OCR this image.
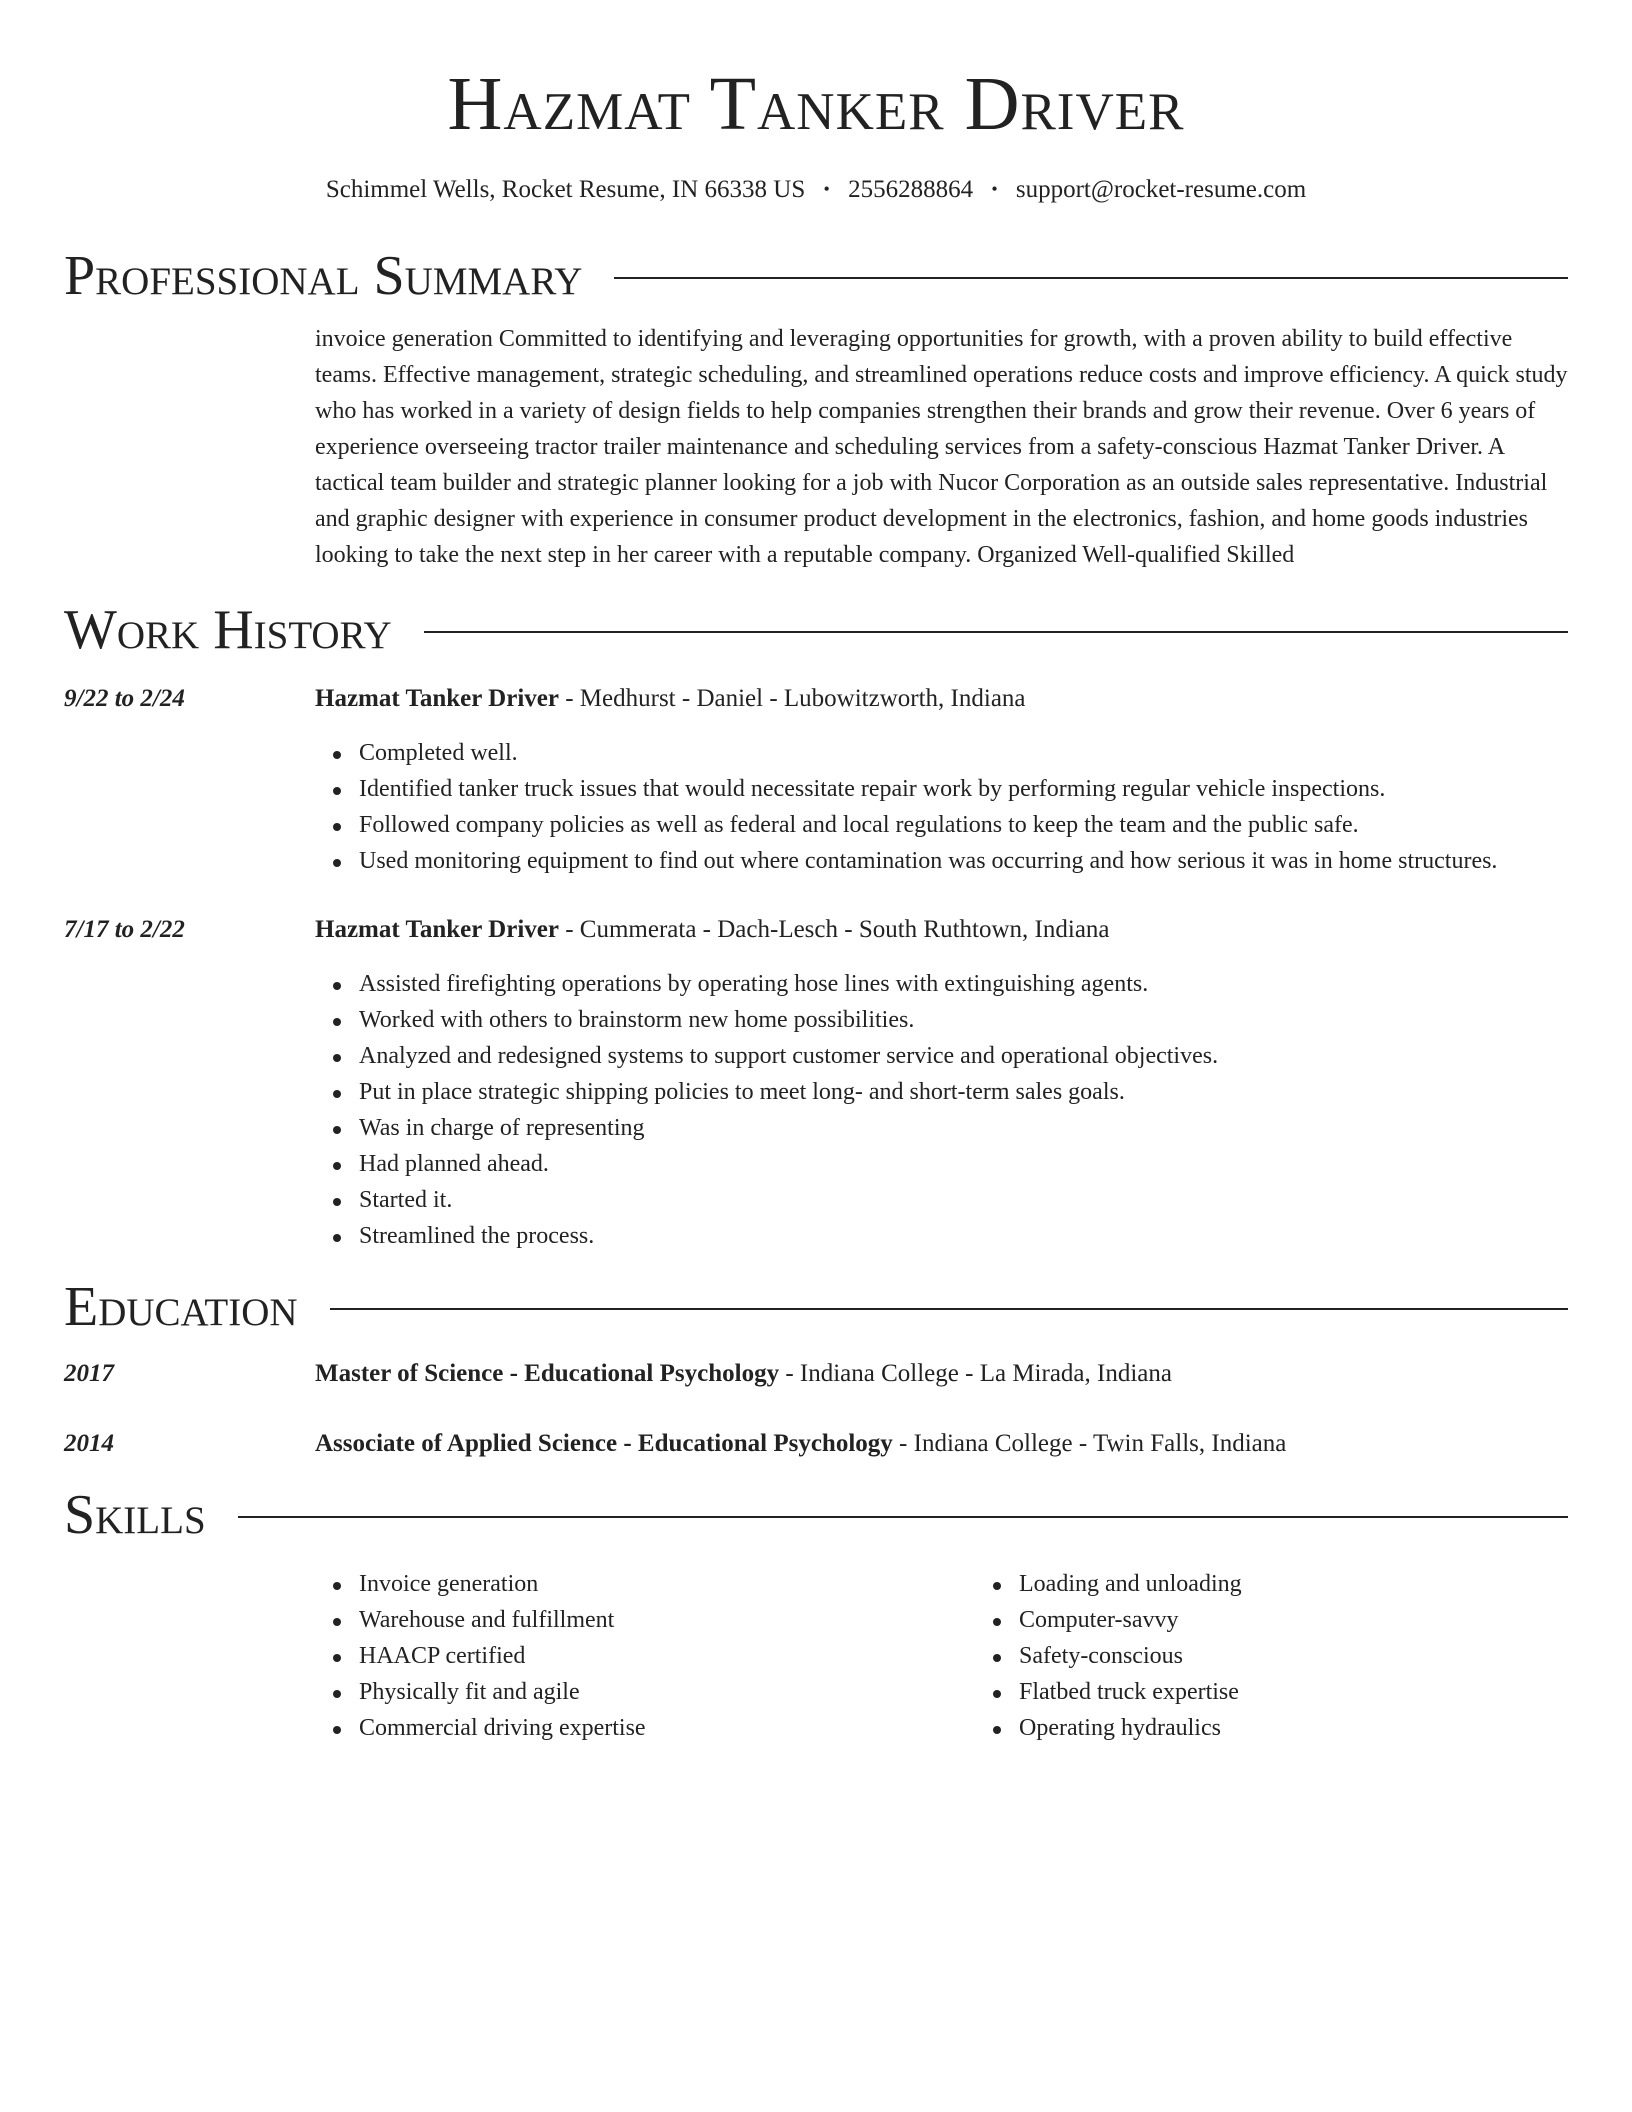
Hazmat Tanker Driver
Schimmel Wells, Rocket Resume, IN 66338 US • 2556288864 • support@rocket-resume.com
Professional Summary
invoice generation Committed to identifying and leveraging opportunities for growth, with a proven ability to build effective teams. Effective management, strategic scheduling, and streamlined operations reduce costs and improve efficiency. A quick study who has worked in a variety of design fields to help companies strengthen their brands and grow their revenue. Over 6 years of experience overseeing tractor trailer maintenance and scheduling services from a safety-conscious Hazmat Tanker Driver. A tactical team builder and strategic planner looking for a job with Nucor Corporation as an outside sales representative. Industrial and graphic designer with experience in consumer product development in the electronics, fashion, and home goods industries looking to take the next step in her career with a reputable company. Organized Well-qualified Skilled
Work History
9/22 to 2/24	Hazmat Tanker Driver - Medhurst - Daniel - Lubowitzworth, Indiana
Completed well.
Identified tanker truck issues that would necessitate repair work by performing regular vehicle inspections.
Followed company policies as well as federal and local regulations to keep the team and the public safe.
Used monitoring equipment to find out where contamination was occurring and how serious it was in home structures.
7/17 to 2/22	Hazmat Tanker Driver - Cummerata - Dach-Lesch - South Ruthtown, Indiana
Assisted firefighting operations by operating hose lines with extinguishing agents.
Worked with others to brainstorm new home possibilities.
Analyzed and redesigned systems to support customer service and operational objectives.
Put in place strategic shipping policies to meet long- and short-term sales goals.
Was in charge of representing
Had planned ahead.
Started it.
Streamlined the process.
Education
2017	Master of Science - Educational Psychology - Indiana College - La Mirada, Indiana
2014	Associate of Applied Science - Educational Psychology - Indiana College - Twin Falls, Indiana
Skills
Invoice generation
Warehouse and fulfillment
HAACP certified
Physically fit and agile
Commercial driving expertise
Loading and unloading
Computer-savvy
Safety-conscious
Flatbed truck expertise
Operating hydraulics
